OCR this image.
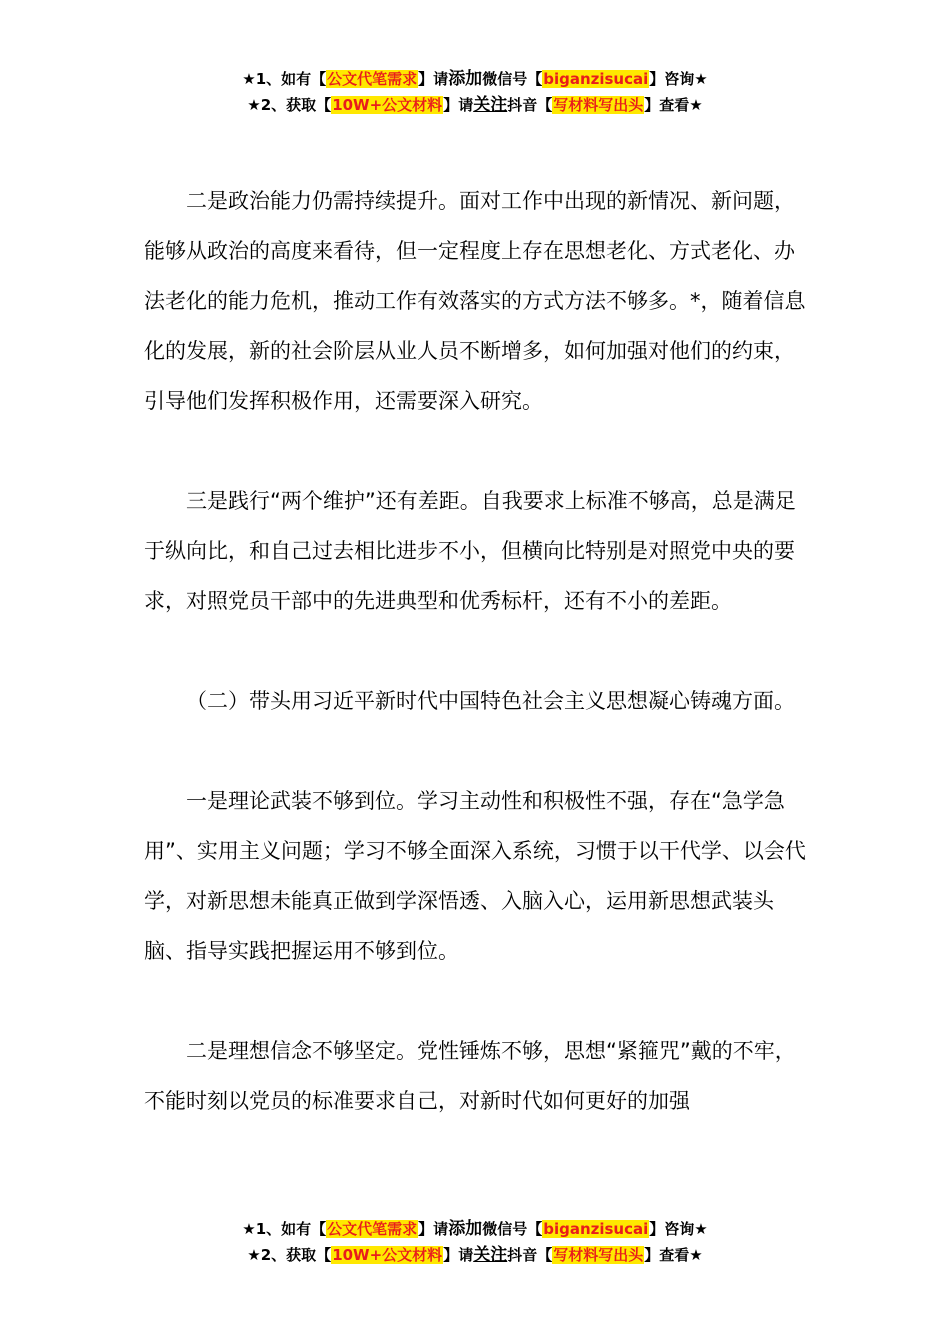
★1、如有【公文代笔需求】请添加微信号【biganzisucai】咨询★
★2、获取【10W+公文材料】请关注抖音【写材料写出头】查看★

二是政治能力仍需持续提升。面对工作中出现的新情况、新问题，能够从政治的高度来看待，但一定程度上存在思想老化、方式老化、办法老化的能力危机，推动工作有效落实的方式方法不够多。*，随着信息化的发展，新的社会阶层从业人员不断增多，如何加强对他们的约束，引导他们发挥积极作用，还需要深入研究。

三是践行“两个维护”还有差距。自我要求上标准不够高，总是满足于纵向比，和自己过去相比进步不小，但横向比特别是对照党中央的要求，对照党员干部中的先进典型和优秀标杆，还有不小的差距。

（二）带头用习近平新时代中国特色社会主义思想凝心铸魂方面。

一是理论武装不够到位。学习主动性和积极性不强，存在“急学急用”、实用主义问题；学习不够全面深入系统，习惯于以干代学、以会代学，对新思想未能真正做到学深悟透、入脑入心，运用新思想武装头脑、指导实践把握运用不够到位。

二是理想信念不够坚定。党性锤炼不够，思想“紧箍咒”戴的不牢，不能时刻以党员的标准要求自己，对新时代如何更好的加强

★1、如有【公文代笔需求】请添加微信号【biganzisucai】咨询★
★2、获取【10W+公文材料】请关注抖音【写材料写出头】查看★
